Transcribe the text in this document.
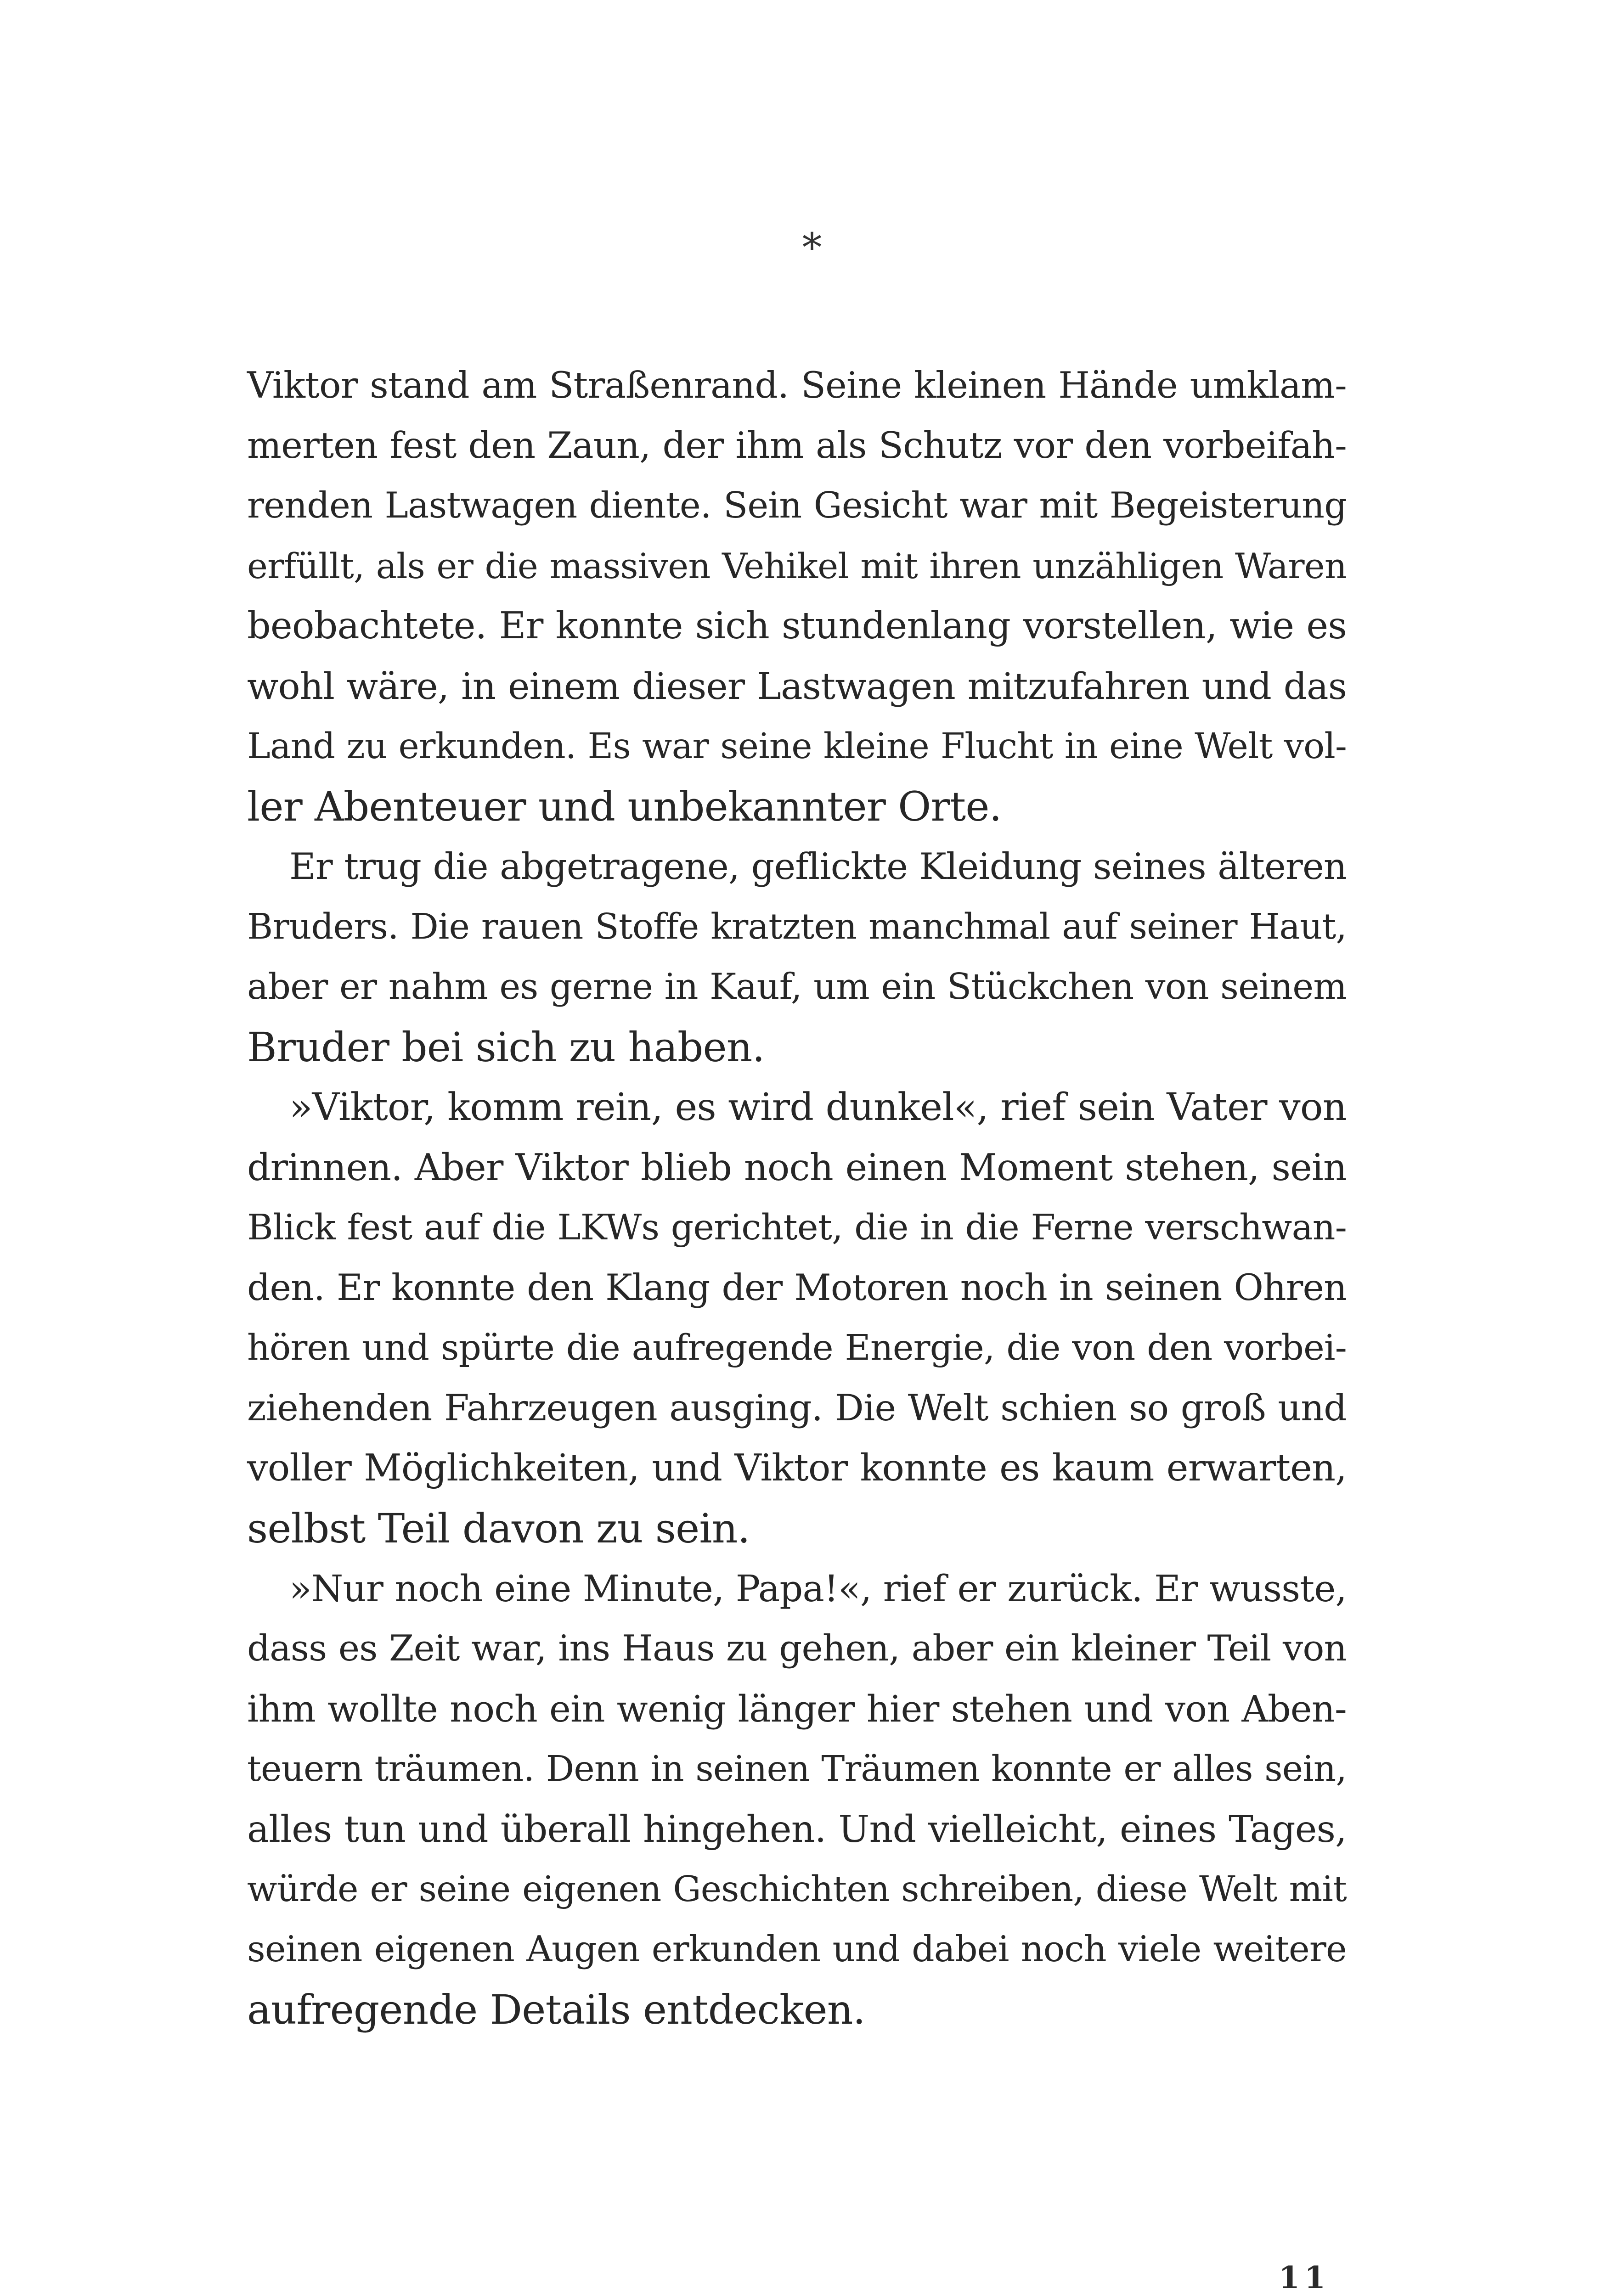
*
Viktor stand am Straßenrand. Seine kleinen Hände umklam-
merten fest den Zaun, der ihm als Schutz vor den vorbeifah-
renden Lastwagen diente. Sein Gesicht war mit Begeisterung
erfüllt, als er die massiven Vehikel mit ihren unzähligen Waren
beobachtete. Er konnte sich stundenlang vorstellen, wie es
wohl wäre, in einem dieser Lastwagen mitzufahren und das
Land zu erkunden. Es war seine kleine Flucht in eine Welt vol-
ler Abenteuer und unbekannter Orte.
Er trug die abgetragene, geflickte Kleidung seines älteren
Bruders. Die rauen Stoffe kratzten manchmal auf seiner Haut,
aber er nahm es gerne in Kauf, um ein Stückchen von seinem
Bruder bei sich zu haben.
»Viktor, komm rein, es wird dunkel«, rief sein Vater von
drinnen. Aber Viktor blieb noch einen Moment stehen, sein
Blick fest auf die LKWs gerichtet, die in die Ferne verschwan-
den. Er konnte den Klang der Motoren noch in seinen Ohren
hören und spürte die aufregende Energie, die von den vorbei-
ziehenden Fahrzeugen ausging. Die Welt schien so groß und
voller Möglichkeiten, und Viktor konnte es kaum erwarten,
selbst Teil davon zu sein.
»Nur noch eine Minute, Papa!«, rief er zurück. Er wusste,
dass es Zeit war, ins Haus zu gehen, aber ein kleiner Teil von
ihm wollte noch ein wenig länger hier stehen und von Aben-
teuern träumen. Denn in seinen Träumen konnte er alles sein,
alles tun und überall hingehen. Und vielleicht, eines Tages,
würde er seine eigenen Geschichten schreiben, diese Welt mit
seinen eigenen Augen erkunden und dabei noch viele weitere
aufregende Details entdecken.
11
